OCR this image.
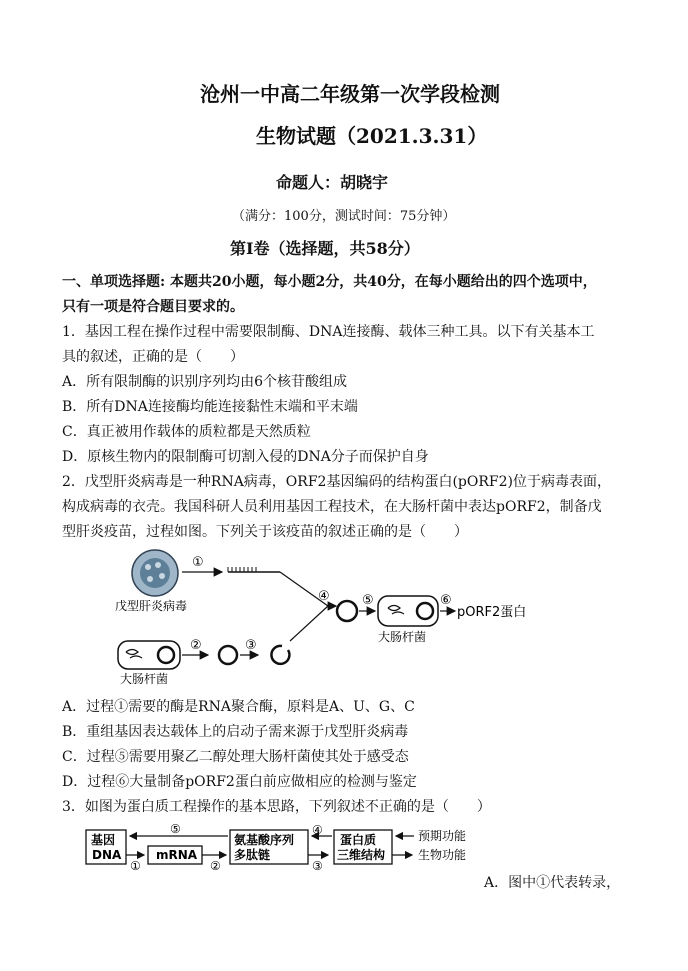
沧州一中高二年级第一次学段检测
生物试题（2021.3.31）
命题人：胡晓宇
（满分：100分，测试时间：75分钟）
第I卷（选择题，共58分）
一、单项选择题: 本题共20小题，每小题2分，共40分，在每小题给出的四个选项中，
只有一项是符合题目要求的。
1．基因工程在操作过程中需要限制酶、DNA连接酶、载体三种工具。以下有关基本工
具的叙述，正确的是（　　）
A．所有限制酶的识别序列均由6个核苷酸组成
B．所有DNA连接酶均能连接黏性末端和平末端
C．真正被用作载体的质粒都是天然质粒
D．原核生物内的限制酶可切割入侵的DNA分子而保护自身
2．戊型肝炎病毒是一种RNA病毒，ORF2基因编码的结构蛋白(pORF2)位于病毒表面，
构成病毒的衣壳。我国科研人员利用基因工程技术，在大肠杆菌中表达pORF2，制备戊
型肝炎疫苗，过程如图。下列关于该疫苗的叙述正确的是（　　）
戊型肝炎病毒
①
④ ⑤
大肠杆菌
⑥
pORF2蛋白
大肠杆菌
②	③
A．过程①需要的酶是RNA聚合酶，原料是A、U、G、C
B．重组基因表达载体上的启动子需来源于戊型肝炎病毒
C．过程⑤需要用聚乙二醇处理大肠杆菌使其处于感受态
D．过程⑥大量制备pORF2蛋白前应做相应的检测与鉴定
3．如图为蛋白质工程操作的基本思路，下列叙述不正确的是（　　）
基因
DNA
⑤
①
mRNA
②
氨基酸序列
多肽链
④
③
蛋白质
三维结构
预期功能
生物功能
A．图中①代表转录，
